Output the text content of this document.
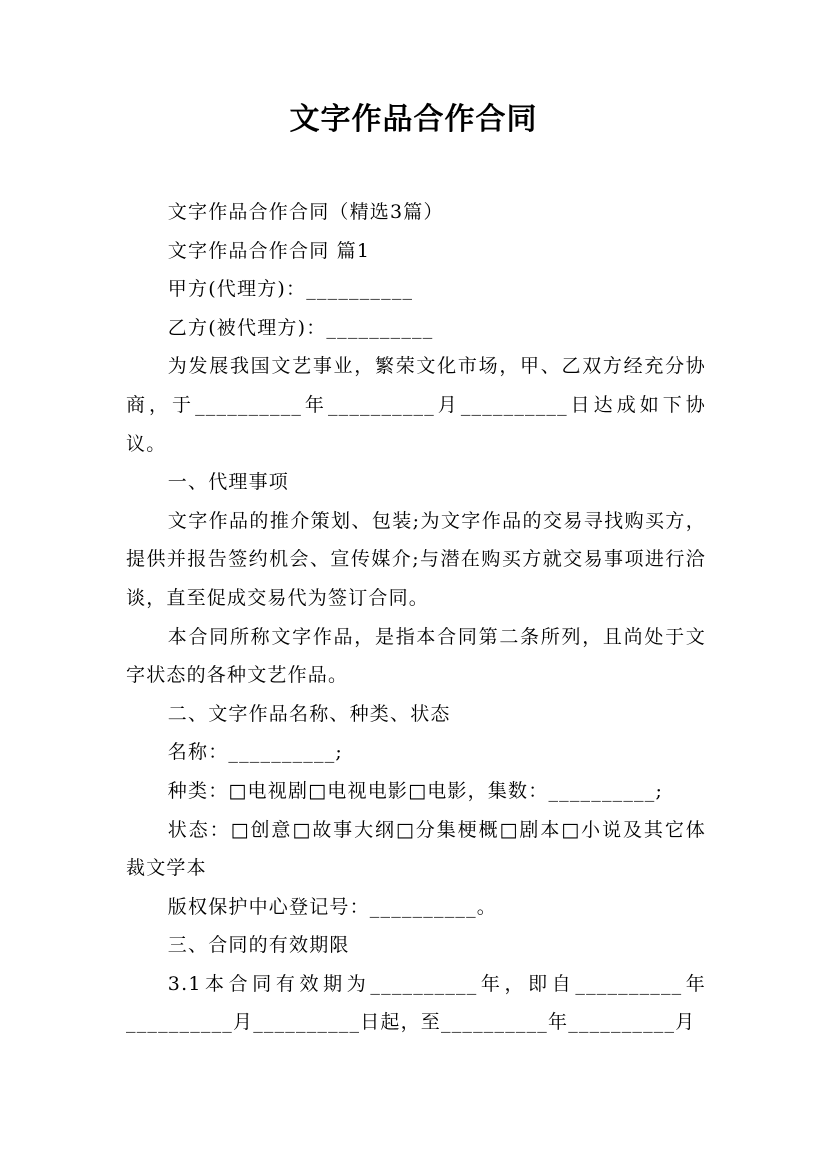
文字作品合作合同

文字作品合作合同（精选3篇）

文字作品合作合同 篇1

甲方(代理方)：__________

乙方(被代理方)：__________

为发展我国文艺事业，繁荣文化市场，甲、乙双方经充分协商，于__________年__________月__________日达成如下协议。

一、代理事项

文字作品的推介策划、包装;为文字作品的交易寻找购买方，提供并报告签约机会、宣传媒介;与潜在购买方就交易事项进行洽谈，直至促成交易代为签订合同。

本合同所称文字作品，是指本合同第二条所列，且尚处于文字状态的各种文艺作品。

二、文字作品名称、种类、状态

名称：__________;

种类：□电视剧□电视电影□电影，集数：__________;

状态：□创意□故事大纲□分集梗概□剧本□小说及其它体裁文学本

版权保护中心登记号：__________。

三、合同的有效期限

3.1本合同有效期为__________年，即自__________年__________月__________日起，至__________年__________月
